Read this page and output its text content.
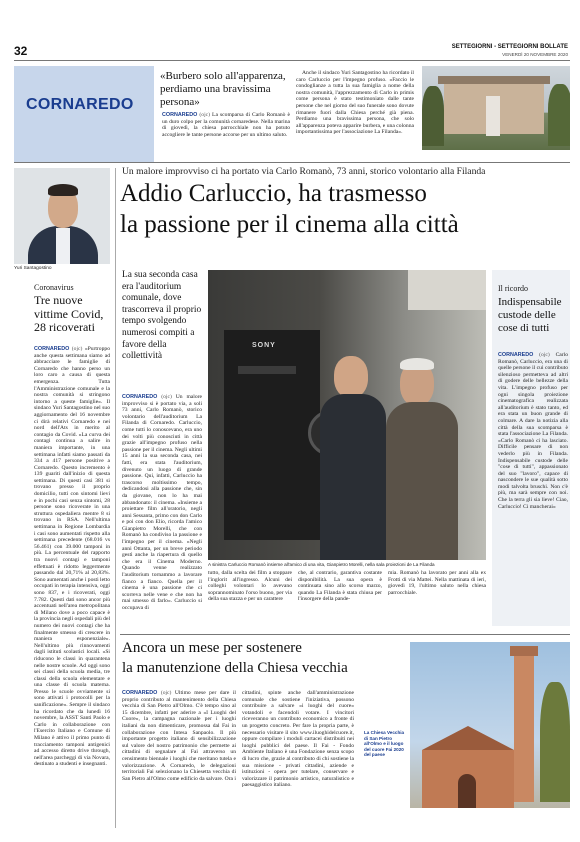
32	SETTEGIORNI - SETTEGIORNI BOLLATE
VENERDÌ 20 NOVEMBRE 2020
CORNAREDO
«Burbero solo all'apparenza, perdiamo una bravissima persona»

CORNAREDO (ojc) La scomparsa di Carlo Romanò è un duro colpo per la comunità cornaredese. Nella marina di giovedì, la chiesa parrocchiale non ha potuto accogliere le tante persone accorse per un ultimo saluto.

Anche il sindaco Yuri Santagostino ha ricordato il caro Carluccio per l'impegno profuso. «Faccio le condoglianze a tutta la sua famiglia a nome della nostra comunità, l'apprezzamento di Carlo in primis come persona è stato testimoniato dalle tante persone che nel giorno del suo funerale sono dovute rimanere fuori dalla Chiesa perché già piena. Perdiamo una bravissima persona, che solo all'apparenza poteva apparire burbera, e una colonna importantissima per l'associazione La Filanda».

Yuri Santagostino
Coronavirus
Tre nuove vittime Covid, 28 ricoverati

CORNAREDO (ojc) «Purtroppo anche questa settimana siamo ad abbracciare le famiglie di Cornaredo che hanno perso un loro caro a causa di questa emergenza. Tutta l'Amministrazione comunale e la nostra comunità si stringono intorno a queste famiglie». Il sindaco Yuri Santagostino nel suo aggiornamento del 16 novembre ci dirà relativi Cornaredo e nei nord dell'Ats in merito al contagio da Covid. «La curva dei contagi continua a salire in maniera importante, in una settimana infatti siamo passati da 334 a 417 persone positive a Cornaredo. Questo incremento è 139 guariti dall'inizio di questa settimana. Di questi casi 381 si trovano presso il proprio domicilio, tutti con sintomi lievi e in pochi casi senza sintomi, 28 persone sono ricoverate in una struttura ospedaliera mentre 8 si trovano in RSA. Nell'ultima settimana in Regione Lombardia i casi sono aumentati rispetto alla settimana precedente (68.016 vs 56.461) con 39.000 tamponi in più. La percentuale del rapporto tra nuovi contagi e tamponi effettuati è ridotto leggermente passando dal 20,71% al 20,83%. Sono aumentati anche i posti letto occupati in terapia intensiva, oggi sono 837, e i ricoverati, oggi 7.782. Questi dati sono ancor più accentuati nell'area metropolitana di Milano dove a poco capace è la provincia negli ospedali più del numero dei nuovi contagi che ha finalmente smesso di crescere in maniera esponenziale». Nell'ultimo più rinnovamenti dagli istituti scolastici locali. «Si riducono le classi in quarantena nelle nostre scuole. Ad oggi sono sei classi della scuola media, tre classi della scuola elementare e una classe di scuola materna. Presso le scuole ovviamente si sono attivati i protocolli per la sanificazione». Sempre il sindaco ha ricordato che da lunedì 16 novembre, la ASST Santi Paolo e Carlo in collaborazione con l'Esercito Italiano e Comune di Milano è attivo il primo punto di tracciamento tamponi antigenici ad accesso diretto drive through, nell'area parcheggi di via Novara, destinato a studenti e insegnanti.

Un malore improvviso ci ha portato via Carlo Romanò, 73 anni, storico volontario alla Filanda
Addio Carluccio, ha trasmesso
la passione per il cinema alla città
La sua seconda casa era l'auditorium comunale, dove trascorreva il proprio tempo svolgendo numerosi compiti a favore della collettività

CORNAREDO (ojc) Un malore improvviso si è portato via, a soli 73 anni, Carlo Romanò, storico volontario dell'auditorium La Filanda di Cornaredo. Carluccio, come tutti lo conoscevano, era uno dei volti più conosciuti in città grazie all'impegno profuso nella passione per il cinema. Negli ultimi 15 anni la sua seconda casa, nei fatti, era stata l'auditorium, divenuto un luogo di grande passione. Qui, infatti, Carluccio ha trascorso moltissimo tempo, dedicandosi alla passione che, sin da giovane, non lo ha mai abbandonato: il cinema. «Insieme a proiettare film all'oratorio, negli anni Sessanta, primo con don Carlo e poi con don Elio, ricorda l'amico Gianpietro Morelli, che con Romanò ha condiviso la passione e l'impegno per il cinema. «Negli anni Ottanta, per un breve periodo gestì anche la riapertura di quello che era il Cinema Moderno. Quando venne realizzato l'auditorium tornammo a lavorare fianco a fianco. Quella per il cinema è una passione che ci scorreva nelle vene e che non ha mai smesso di farlo». Carluccio si occupava di

SONY
A sinistra Carluccio Romanò insieme all'amico di una vita, Gianpietro Morelli, nella sala proiezioni de La Filanda

tutto, dalla scelta dei film a stoppare l'inglorit all'ingresso. Alcuni dei colleghi volontari lo avevano soprannominato l'orso buono, per via della sua stazza e per un carattere

che, al contrario, garantiva costante disponibilità. La sua opera è continuata sino allo scorso marzo, quando La Filanda è stata chiusa per l'insorgere della pande-

mia. Romanò ha lavorato per anni alla ex Frotti di via Mattei. Nella mattinata di ieri, giovedì 19, l'ultimo saluto nella chiesa parrocchiale.

Il ricordo
Indispensabile custode delle cose di tutti

CORNAREDO (ojc) Carlo Romanò, Carluccio, era una di quelle persone il cui contributo silenzioso permetteva ad altri di godere delle bellezze della vita. L'impegno profuso per ogni singola proiezione cinematografica realizzata all'auditorium è stato tanto, ed era stata un buon grande di colmare. A dare la notizia alla città della sua scomparsa è stata l'associazione La Filanda. «Carlo Romanò ci ha lasciato. Difficile pensare di non vederlo più in Filanda. Indispensabile custode delle "cose di tutti", appassionato del suo "lavoro", capace di nascondere le sue qualità sotto modi talvolta bruschi. Non c'è più, ma sarà sempre con noi. Che la terra gli sia lieve! Ciao, Carluccio! Ci mancherai»

Ancora un mese per sostenere
la manutenzione della Chiesa vecchia

CORNAREDO (ojc) Ultimo mese per dare il proprio contributo al mantenimento della Chiesa vecchia di San Pietro all'Olmo. C'è tempo sino al 15 dicembre, infatti per aderire a «I Luoghi del Cuore», la campagna nazionale per i luoghi italiani da non dimenticare, promossa dal Fai in collaborazione con Intesa Sanpaolo. Il più importante progetto italiano di sensibilizzazione sul valore del nostro patrimonio che permette ai cittadini di segnalare al Fai attraverso un censimento biennale i luoghi che meritano tutela e valorizzazione. A Cornaredo, le delegazioni territoriali Fai selezionano la Chiesetta vecchia di San Pietro all'Olmo come edificio da salvare. Ora i

cittadini, spinte anche dall'amministrazione comunale che sostiene l'iniziativa, possono contribuire a salvare «i luoghi del cuore» votandoli e facendoli votare. I vincitori riceveranno un contributo economico a fronte di un progetto concreto. Per fare la propria parte, è necessario visitare il sito www.iluoghidelcuore.it, oppure compilare i moduli cartacei distribuiti nei luoghi pubblici del paese. Il Fai - Fondo Ambiente Italiano è una Fondazione senza scopo di lucro che, grazie al contributo di chi sostiene la sua missione - privati cittadini, aziende e istituzioni - opera per tutelare, conservare e valorizzare il patrimonio artistico, naturalistico e paesaggistico italiano.

La Chiesa Vecchia di San Pietro all'Olmo e il luogo del cuore Fai 2020 del paese
